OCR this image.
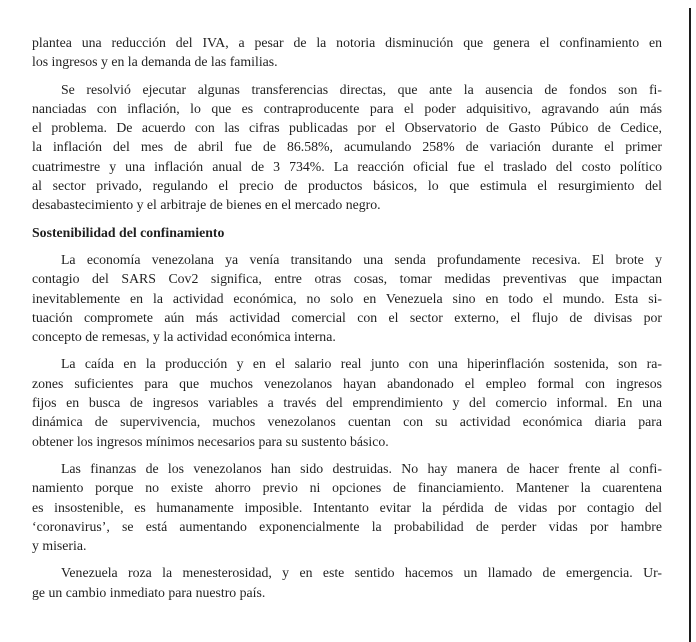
plantea una reducción del IVA, a pesar de la notoria disminución que genera el confinamiento en
los ingresos y en la demanda de las familias.
Se resolvió ejecutar algunas transferencias directas, que ante la ausencia de fondos son fi-
nanciadas con inflación, lo que es contraproducente para el poder adquisitivo, agravando aún más
el problema. De acuerdo con las cifras publicadas por el Observatorio de Gasto Púbico de Cedice,
la inflación del mes de abril fue de 86.58%, acumulando 258% de variación durante el primer
cuatrimestre y una inflación anual de 3 734%. La reacción oficial fue el traslado del costo político
al sector privado, regulando el precio de productos básicos, lo que estimula el resurgimiento del
desabastecimiento y el arbitraje de bienes en el mercado negro.
Sostenibilidad del confinamiento
La economía venezolana ya venía transitando una senda profundamente recesiva. El brote y
contagio del SARS Cov2 significa, entre otras cosas, tomar medidas preventivas que impactan
inevitablemente en la actividad económica, no solo en Venezuela sino en todo el mundo. Esta si-
tuación compromete aún más actividad comercial con el sector externo, el flujo de divisas por
concepto de remesas, y la actividad económica interna.
La caída en la producción y en el salario real junto con una hiperinflación sostenida, son ra-
zones suficientes para que muchos venezolanos hayan abandonado el empleo formal con ingresos
fijos en busca de ingresos variables a través del emprendimiento y del comercio informal. En una
dinámica de supervivencia, muchos venezolanos cuentan con su actividad económica diaria para
obtener los ingresos mínimos necesarios para su sustento básico.
Las finanzas de los venezolanos han sido destruidas. No hay manera de hacer frente al confi-
namiento porque no existe ahorro previo ni opciones de financiamiento. Mantener la cuarentena
es insostenible, es humanamente imposible. Intentanto evitar la pérdida de vidas por contagio del
‘coronavirus’, se está aumentando exponencialmente la probabilidad de perder vidas por hambre
y miseria.
Venezuela roza la menesterosidad, y en este sentido hacemos un llamado de emergencia. Ur-
ge un cambio inmediato para nuestro país.
